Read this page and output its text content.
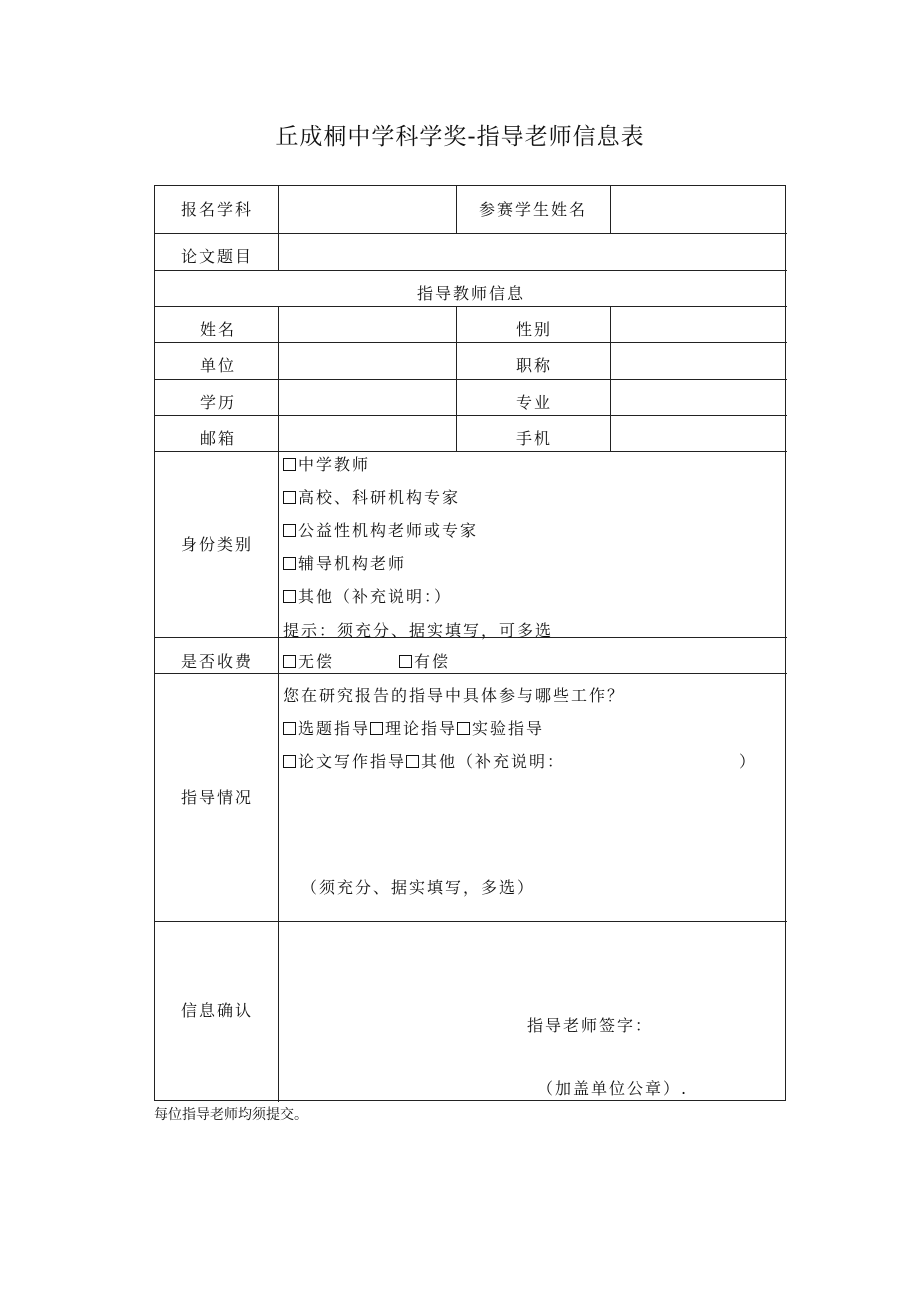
丘成桐中学科学奖-指导老师信息表
报名学科	参赛学生姓名
论文题目
指导教师信息
姓名	性别
单位	职称
学历	专业
邮箱	手机
身份类别
中学教师
高校、科研机构专家
公益性机构老师或专家
辅导机构老师
其他（补充说明：）
提示：须充分、据实填写，可多选
是否收费	无偿	有偿
指导情况
您在研究报告的指导中具体参与哪些工作？
选题指导 理论指导 实验指导
论文写作指导 其他（补充说明：	）
（须充分、据实填写，多选）
信息确认
指导老师签字：
（加盖单位公章）.
每位指导老师均须提交。
